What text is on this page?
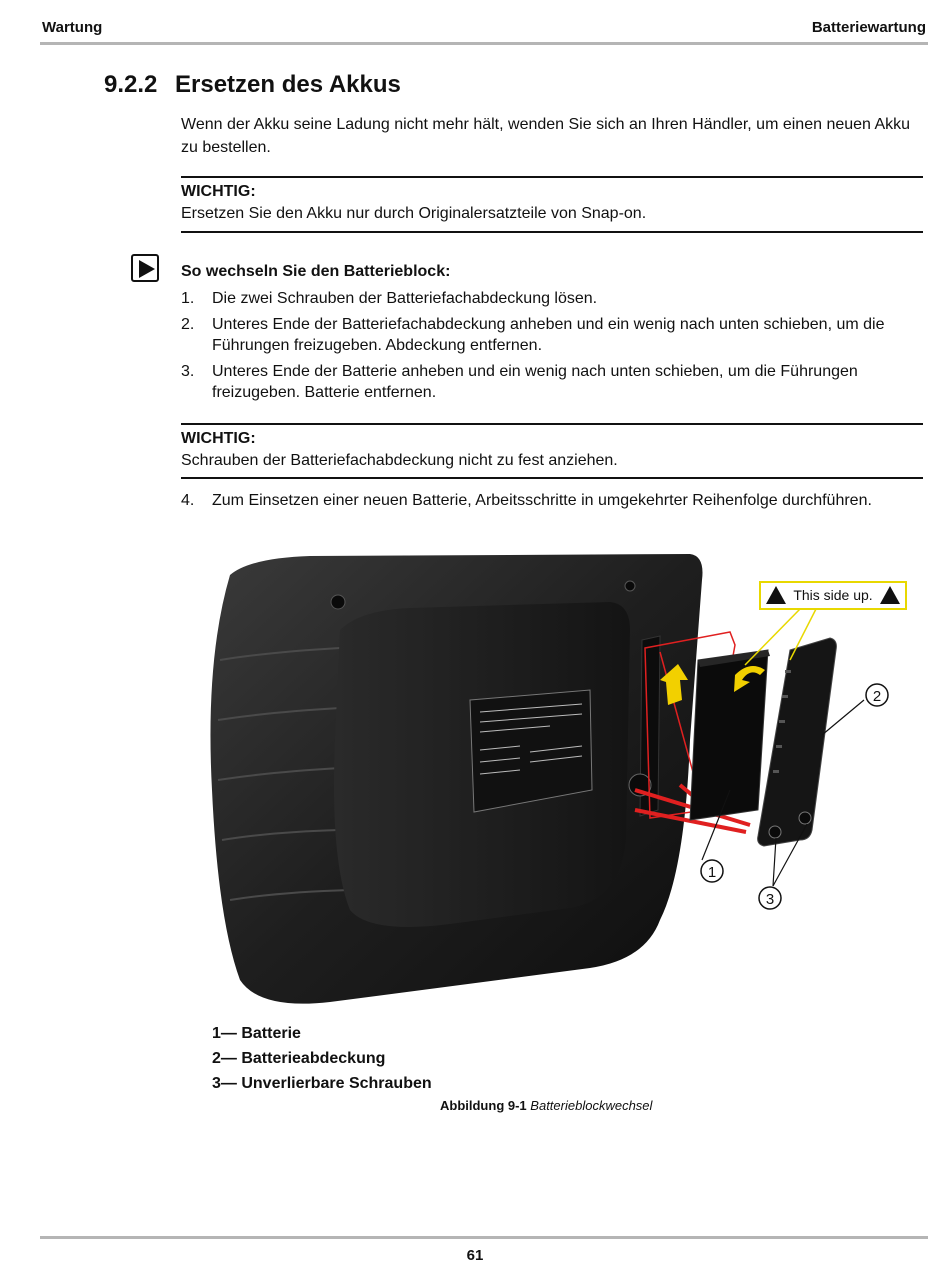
Wartung	Batteriewartung
9.2.2 Ersetzen des Akkus
Wenn der Akku seine Ladung nicht mehr hält, wenden Sie sich an Ihren Händler, um einen neuen Akku zu bestellen.
WICHTIG:
Ersetzen Sie den Akku nur durch Originalersatzteile von Snap-on.
So wechseln Sie den Batterieblock:
1.	Die zwei Schrauben der Batteriefachabdeckung lösen.
2.	Unteres Ende der Batteriefachabdeckung anheben und ein wenig nach unten schieben, um die Führungen freizugeben. Abdeckung entfernen.
3.	Unteres Ende der Batterie anheben und ein wenig nach unten schieben, um die Führungen freizugeben. Batterie entfernen.
WICHTIG:
Schrauben der Batteriefachabdeckung nicht zu fest anziehen.
4.	Zum Einsetzen einer neuen Batterie, Arbeitsschritte in umgekehrter Reihenfolge durchführen.
This side up.
1
2
3
1— Batterie
2— Batterieabdeckung
3— Unverlierbare Schrauben
Abbildung 9-1 Batterieblockwechsel
61
